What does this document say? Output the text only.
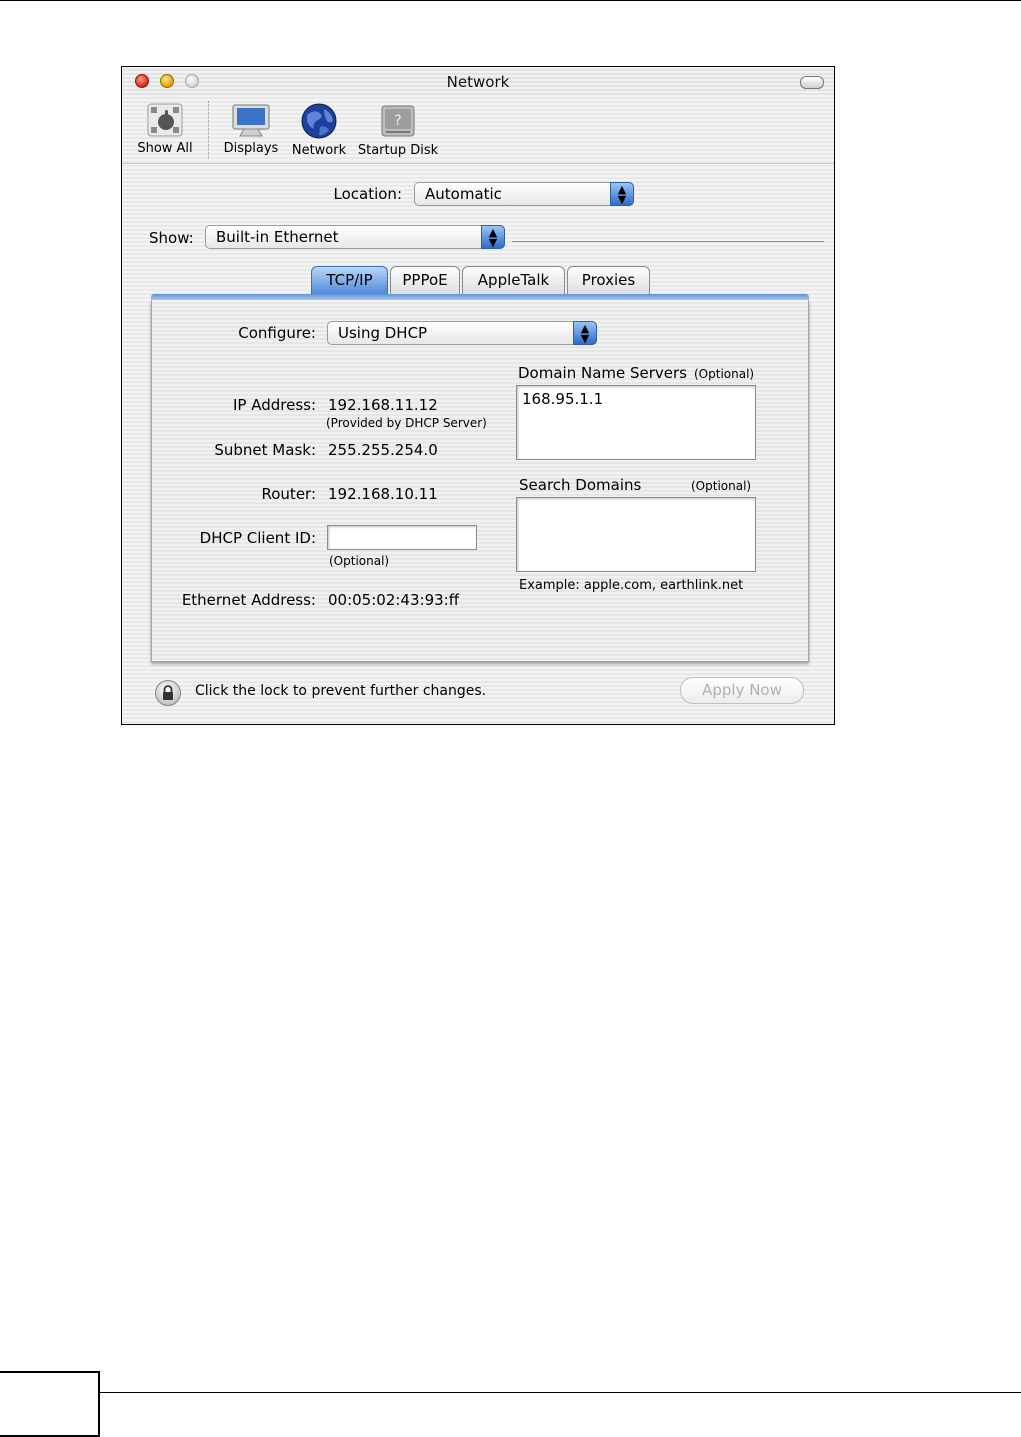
Network
Show All Displays Network
?
Startup Disk
Location:	Automatic	▲
▼
Show:	Built-in Ethernet	▲
▼
TCP/IP	PPPoE	AppleTalk	Proxies
Configure:	Using DHCP	▲
▼
IP Address: 192.168.11.12
(Provided by DHCP Server)
Subnet Mask: 255.255.254.0
Router: 192.168.10.11
DHCP Client ID:
(Optional)
Ethernet Address: 00:05:02:43:93:ff
Domain Name Servers (Optional)
168.95.1.1
Search Domains	(Optional)
Example: apple.com, earthlink.net
Click the lock to prevent further changes.	Apply Now
